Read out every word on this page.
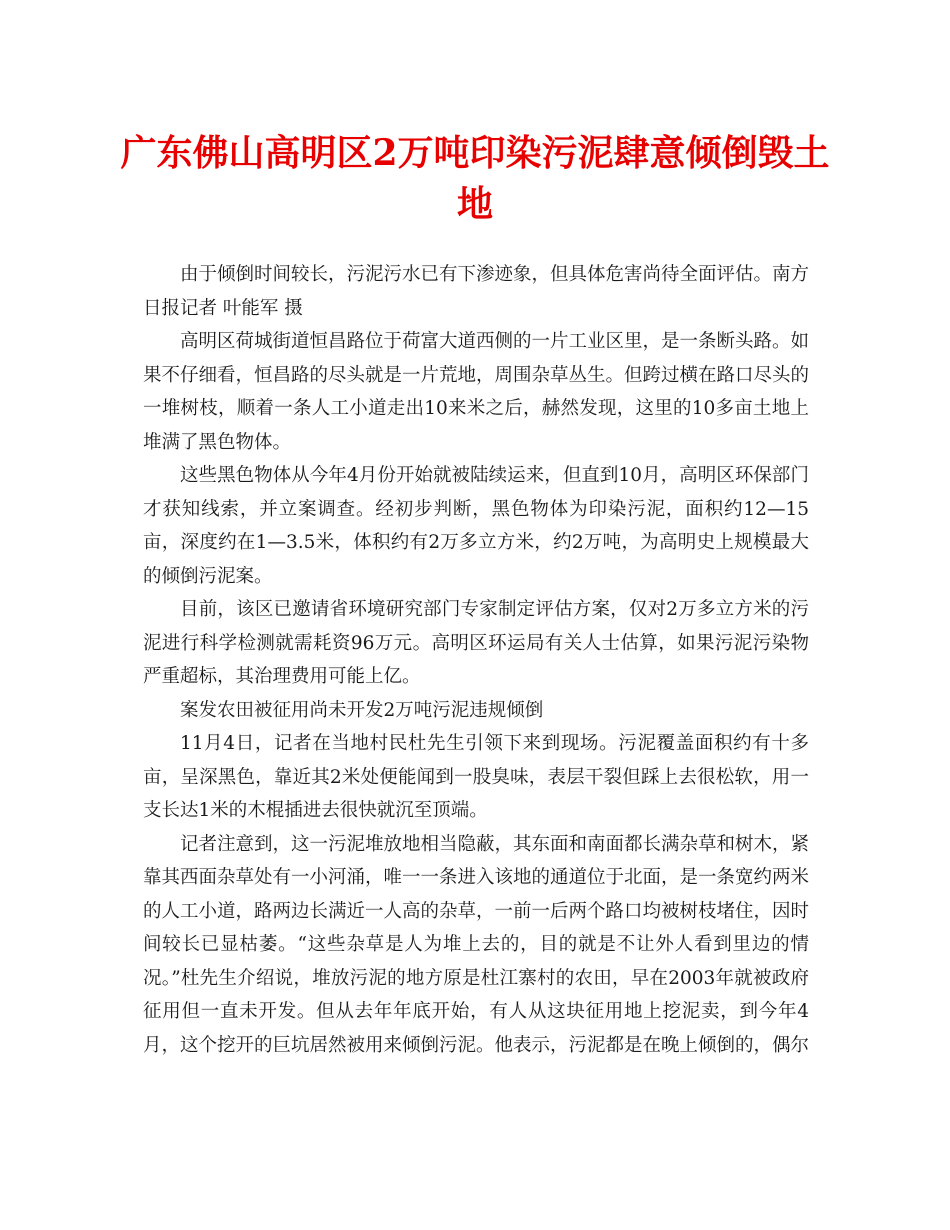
广东佛山高明区2万吨印染污泥肆意倾倒毁土地

由于倾倒时间较长，污泥污水已有下渗迹象，但具体危害尚待全面评估。南方日报记者 叶能军 摄

高明区荷城街道恒昌路位于荷富大道西侧的一片工业区里，是一条断头路。如果不仔细看，恒昌路的尽头就是一片荒地，周围杂草丛生。但跨过横在路口尽头的一堆树枝，顺着一条人工小道走出10来米之后，赫然发现，这里的10多亩土地上堆满了黑色物体。

这些黑色物体从今年4月份开始就被陆续运来，但直到10月，高明区环保部门才获知线索，并立案调查。经初步判断，黑色物体为印染污泥，面积约12—15亩，深度约在1—3.5米，体积约有2万多立方米，约2万吨，为高明史上规模最大的倾倒污泥案。

目前，该区已邀请省环境研究部门专家制定评估方案，仅对2万多立方米的污泥进行科学检测就需耗资96万元。高明区环运局有关人士估算，如果污泥污染物严重超标，其治理费用可能上亿。

案发农田被征用尚未开发2万吨污泥违规倾倒

11月4日，记者在当地村民杜先生引领下来到现场。污泥覆盖面积约有十多亩，呈深黑色，靠近其2米处便能闻到一股臭味，表层干裂但踩上去很松软，用一支长达1米的木棍插进去很快就沉至顶端。

记者注意到，这一污泥堆放地相当隐蔽，其东面和南面都长满杂草和树木，紧靠其西面杂草处有一小河涌，唯一一条进入该地的通道位于北面，是一条宽约两米的人工小道，路两边长满近一人高的杂草，一前一后两个路口均被树枝堵住，因时间较长已显枯萎。“这些杂草是人为堆上去的，目的就是不让外人看到里边的情况。”杜先生介绍说，堆放污泥的地方原是杜江寨村的农田，早在2003年就被政府征用但一直未开发。但从去年年底开始，有人从这块征用地上挖泥卖，到今年4月，这个挖开的巨坑居然被用来倾倒污泥。他表示，污泥都是在晚上倾倒的，偶尔
